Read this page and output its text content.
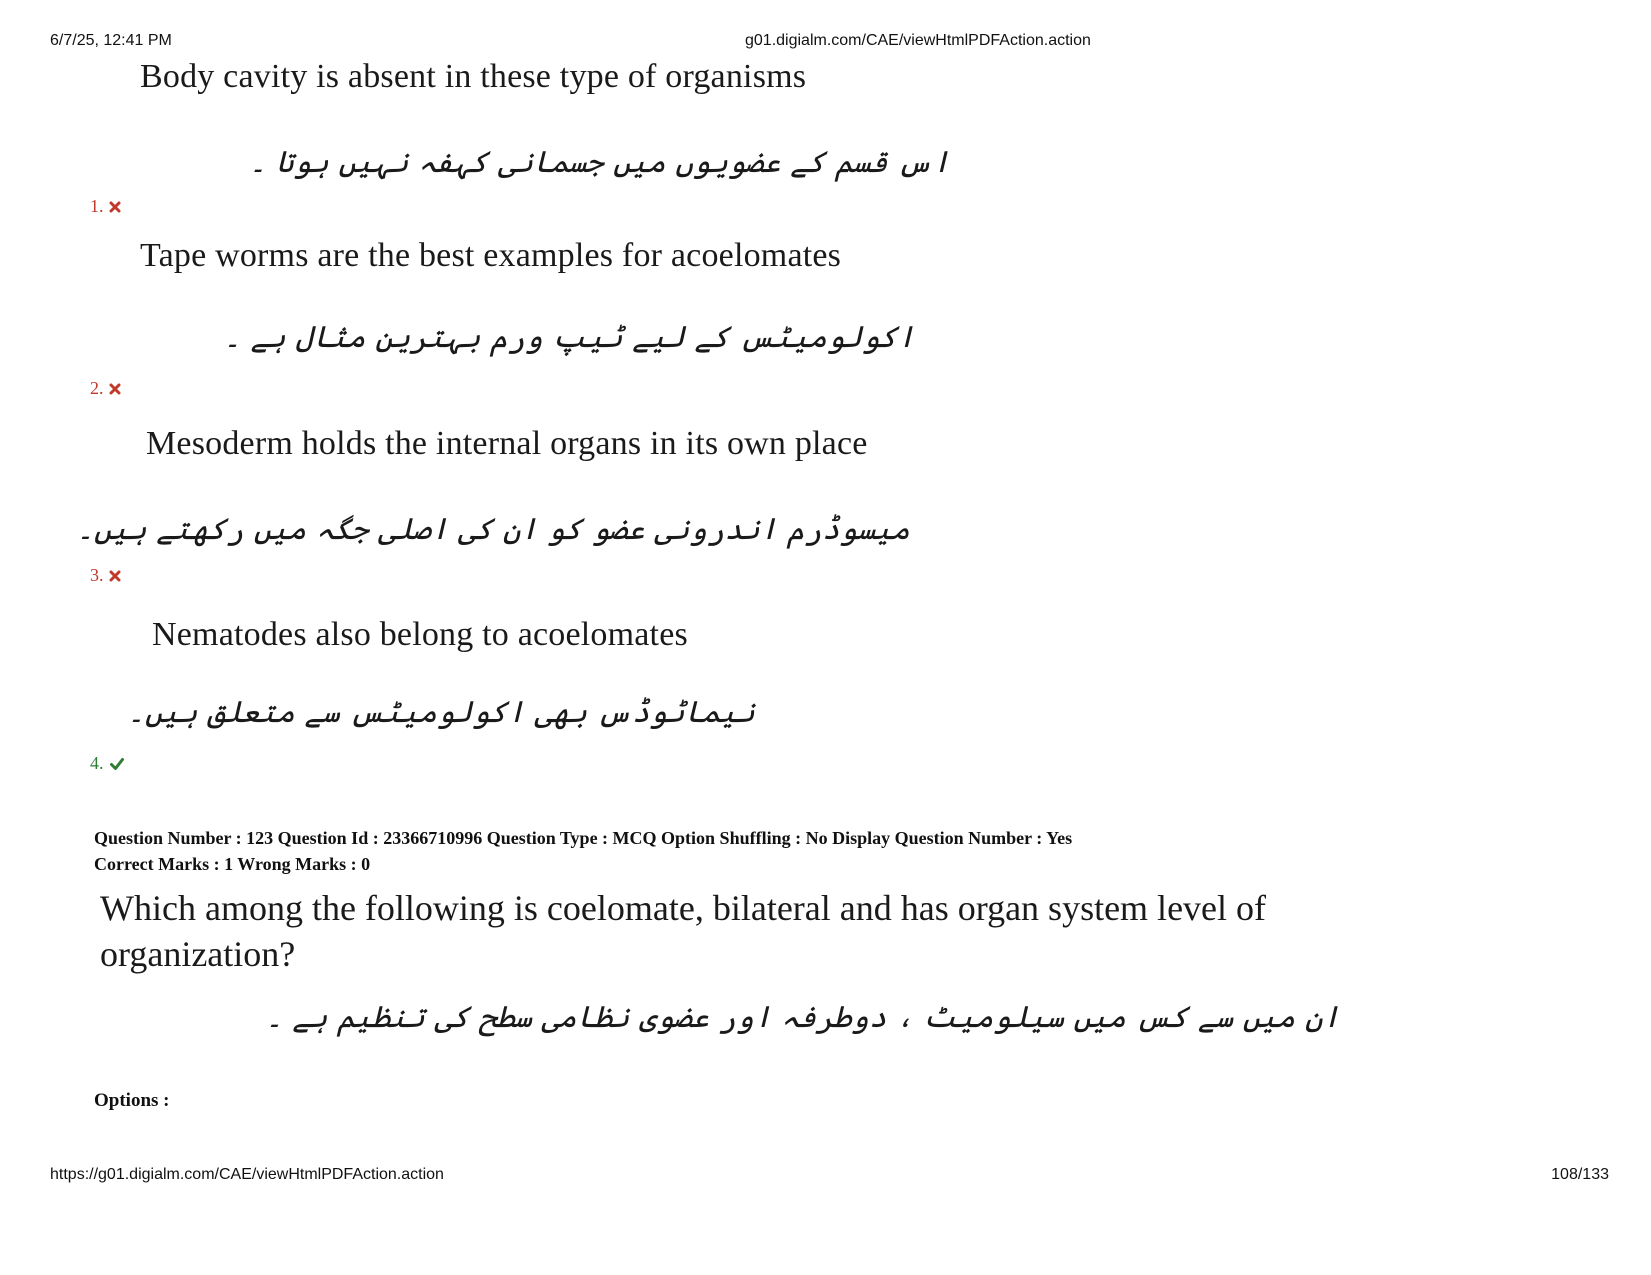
6/7/25, 12:41 PM	g01.digialm.com/CAE/viewHtmlPDFAction.action
Body cavity is absent in these type of organisms
اس قسم کے عضویوں میں جسمانی کہفہ نہیں ہوتا ۔
1.
Tape worms are the best examples for acoelomates
اکولومیٹس کے لیے ٹیپ ورم بہترین مثال ہے ۔
2.
Mesoderm holds the internal organs in its own place
میسوڈرم اندرونی عضو کو ان کی اصلی جگہ میں رکھتے ہیں۔
3.
Nematodes also belong to acoelomates
نیماٹوڈس بھی اکولومیٹس سے متعلق ہیں۔
4.
Question Number : 123 Question Id : 23366710996 Question Type : MCQ Option Shuffling : No Display Question Number : Yes
Correct Marks : 1 Wrong Marks : 0
Which among the following is coelomate, bilateral and has organ system level of organization?
ان میں سے کس میں سیلومیٹ ، دوطرفہ اور عضوی نظامی سطح کی تنظیم ہے ۔
Options :
https://g01.digialm.com/CAE/viewHtmlPDFAction.action	108/133
